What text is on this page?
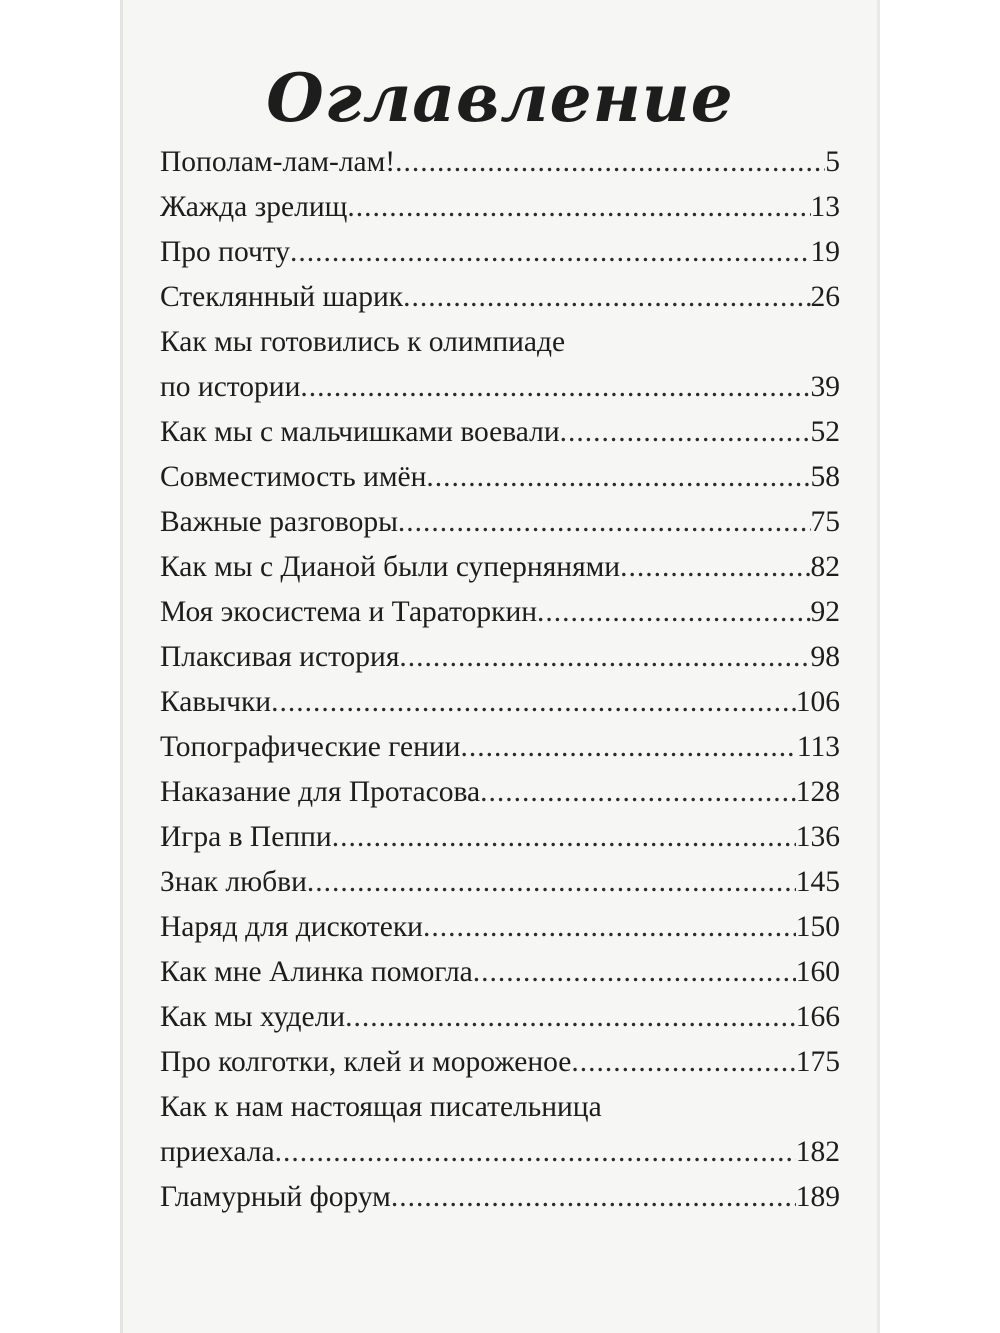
Оглавление
Пополам-лам-лам! .....	5
Жажда зрелищ .....	13
Про почту .....	19
Стеклянный шарик .....	26
Как мы готовились к олимпиаде
по истории .....	39
Как мы с мальчишками воевали .....	52
Совместимость имён .....	58
Важные разговоры .....	75
Как мы с Дианой были супернянями .....	82
Моя экосистема и Тараторкин .....	92
Плаксивая история .....	98
Кавычки .....	106
Топографические гении .....	113
Наказание для Протасова .....	128
Игра в Пеппи .....	136
Знак любви .....	145
Наряд для дискотеки .....	150
Как мне Алинка помогла .....	160
Как мы худели .....	166
Про колготки, клей и мороженое .....	175
Как к нам настоящая писательница
приехала .....	182
Гламурный форум .....	189
